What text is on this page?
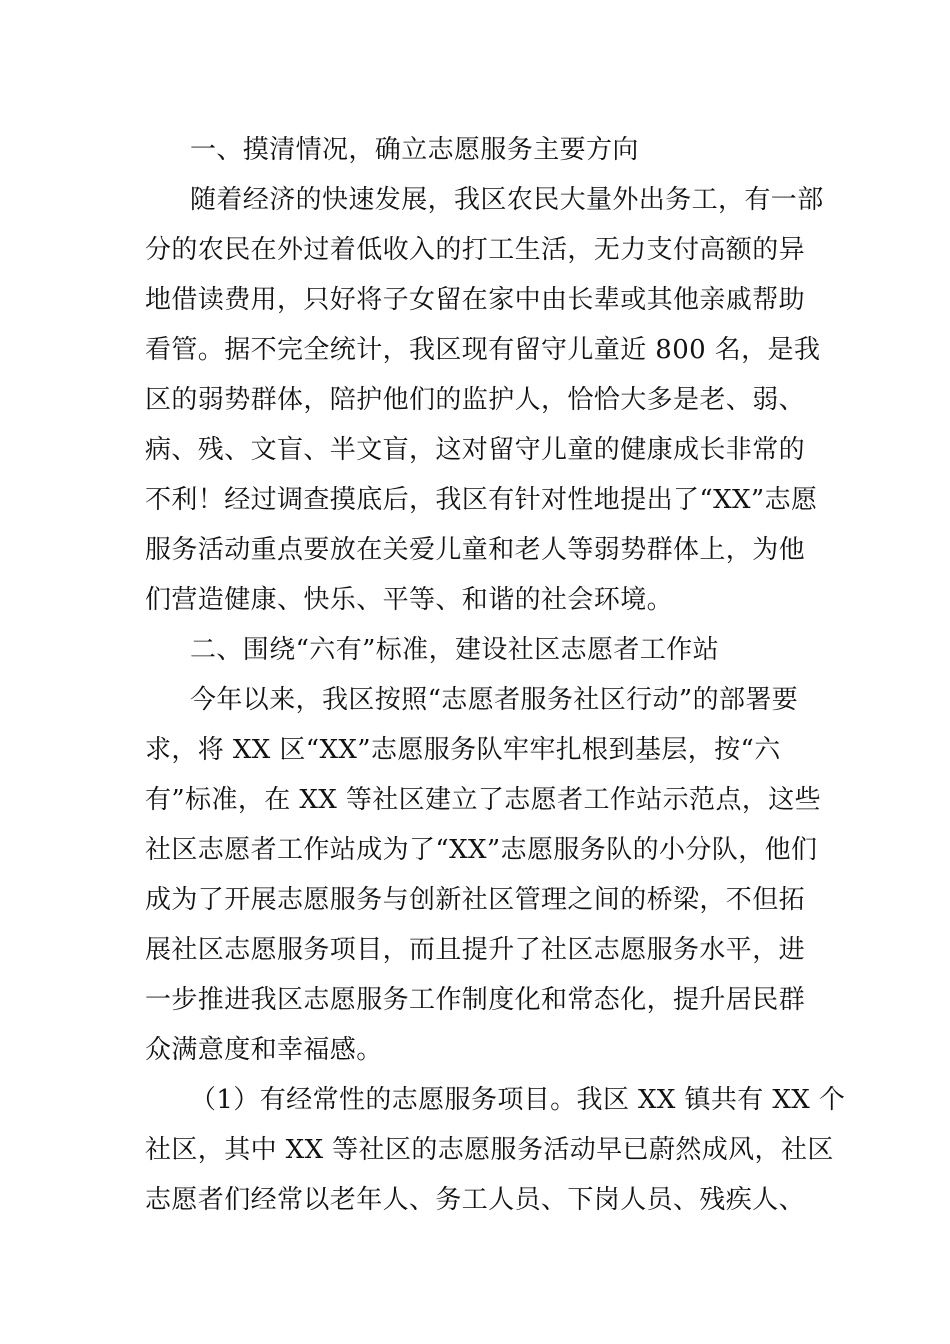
一、摸清情况，确立志愿服务主要方向
随着经济的快速发展，我区农民大量外出务工，有一部
分的农民在外过着低收入的打工生活，无力支付高额的异
地借读费用，只好将子女留在家中由长辈或其他亲戚帮助
看管。据不完全统计，我区现有留守儿童近 800 名，是我
区的弱势群体，陪护他们的监护人，恰恰大多是老、弱、
病、残、文盲、半文盲，这对留守儿童的健康成长非常的
不利！经过调查摸底后，我区有针对性地提出了“XX”志愿
服务活动重点要放在关爱儿童和老人等弱势群体上，为他
们营造健康、快乐、平等、和谐的社会环境。
二、围绕“六有”标准，建设社区志愿者工作站
今年以来，我区按照“志愿者服务社区行动”的部署要
求，将 XX 区“XX”志愿服务队牢牢扎根到基层，按“六
有”标准，在 XX 等社区建立了志愿者工作站示范点，这些
社区志愿者工作站成为了“XX”志愿服务队的小分队，他们
成为了开展志愿服务与创新社区管理之间的桥梁，不但拓
展社区志愿服务项目，而且提升了社区志愿服务水平，进
一步推进我区志愿服务工作制度化和常态化，提升居民群
众满意度和幸福感。
（1）有经常性的志愿服务项目。我区 XX 镇共有 XX 个
社区，其中 XX 等社区的志愿服务活动早已蔚然成风，社区
志愿者们经常以老年人、务工人员、下岗人员、残疾人、
